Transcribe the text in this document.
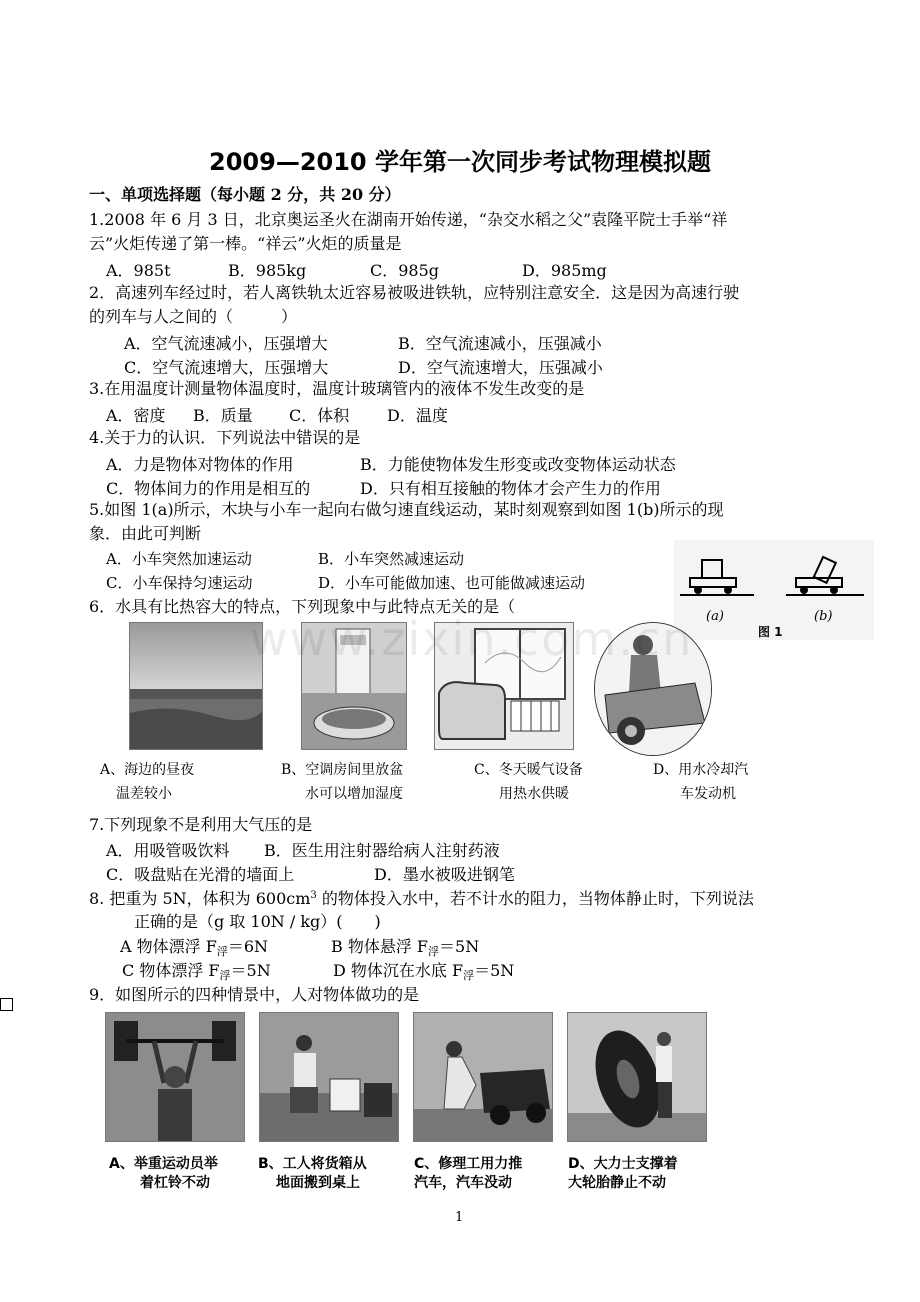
2009—2010 学年第一次同步考试物理模拟题
一、单项选择题（每小题 2 分，共 20 分）
1.2008 年 6 月 3 日，北京奥运圣火在湖南开始传递，“杂交水稻之父”袁隆平院士手举“祥
云”火炬传递了第一棒。“祥云”火炬的质量是
A．985t	B．985kg	C．985g	D．985mg
2．高速列车经过时，若人离铁轨太近容易被吸进铁轨，应特别注意安全．这是因为高速行驶
的列车与人之间的（　　　）
A．空气流速减小，压强增大	B．空气流速减小，压强减小
C．空气流速增大，压强增大	D．空气流速增大，压强减小
3.在用温度计测量物体温度时，温度计玻璃管内的液体不发生改变的是
A．密度 B．质量 C．体积 D．温度
4.关于力的认识．下列说法中错误的是
A．力是物体对物体的作用	B．力能使物体发生形变或改变物体运动状态
C．物体间力的作用是相互的	D．只有相互接触的物体才会产生力的作用
5.如图 1(a)所示，木块与小车一起向右做匀速直线运动，某时刻观察到如图 1(b)所示的现
象．由此可判断
A．小车突然加速运动	B．小车突然减速运动
C．小车保持匀速运动	D．小车可能做加速、也可能做减速运动
(a)	(b)
图 1
6．水具有比热容大的特点，下列现象中与此特点无关的是（
A、海边的昼夜
温差较小
B、空调房间里放盆
水可以增加湿度
C、冬天暖气设备
用热水供暖
D、用水冷却汽
车发动机
www.zixin.com.cn
7.下列现象不是利用大气压的是
A．用吸管吸饮料 B．医生用注射器给病人注射药液
C．吸盘贴在光滑的墙面上	D．墨水被吸进钢笔
8. 把重为 5N，体积为 $600cm^3$ 的物体投入水中，若不计水的阻力，当物体静止时，下列说法
正确的是（g 取 10N / kg）(　　)
A 物体漂浮 $F_浮=6N$	B 物体悬浮 $F_浮=5N$
C 物体漂浮 $F_浮=5N$	D 物体沉在水底 $F_浮=5N$
9．如图所示的四种情景中，人对物体做功的是
A、举重运动员举
着杠铃不动
B、工人将货箱从
地面搬到桌上
C、修理工用力推
汽车，汽车没动
D、大力士支撑着
大轮胎静止不动
1
